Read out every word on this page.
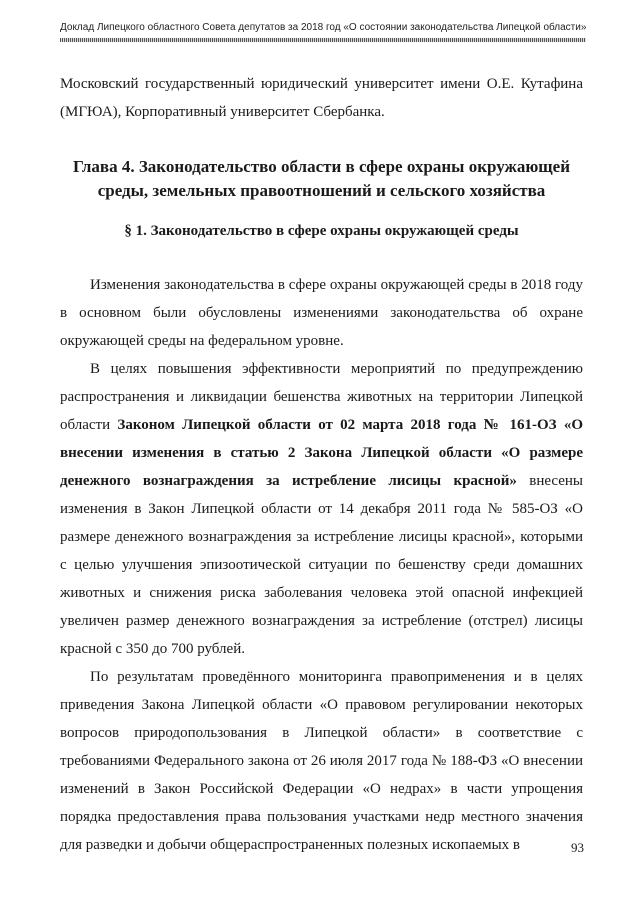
Доклад Липецкого областного Совета депутатов за 2018 год «О состоянии законодательства Липецкой области»

Московский государственный юридический университет имени О.Е. Кутафина (МГЮА), Корпоративный университет Сбербанка.

Глава 4. Законодательство области в сфере охраны окружающей
среды, земельных правоотношений и сельского хозяйства
§ 1. Законодательство в сфере охраны окружающей среды

Изменения законодательства в сфере охраны окружающей среды в 2018 году в основном были обусловлены изменениями законодательства об охране окружающей среды на федеральном уровне.

В целях повышения эффективности мероприятий по предупреждению распространения и ликвидации бешенства животных на территории Липецкой области Законом Липецкой области от 02 марта 2018 года № 161-ОЗ «О внесении изменения в статью 2 Закона Липецкой области «О размере денежного вознаграждения за истребление лисицы красной» внесены изменения в Закон Липецкой области от 14 декабря 2011 года № 585-ОЗ «О размере денежного вознаграждения за истребление лисицы красной», которыми с целью улучшения эпизоотической ситуации по бешенству среди домашних животных и снижения риска заболевания человека этой опасной инфекцией увеличен размер денежного вознаграждения за истребление (отстрел) лисицы красной с 350 до 700 рублей.

По результатам проведённого мониторинга правоприменения и в целях приведения Закона Липецкой области «О правовом регулировании некоторых вопросов природопользования в Липецкой области» в соответствие с требованиями Федерального закона от 26 июля 2017 года № 188-ФЗ «О внесении изменений в Закон Российской Федерации «О недрах» в части упрощения порядка предоставления права пользования участками недр местного значения для разведки и добычи общераспространенных полезных ископаемых в	93
